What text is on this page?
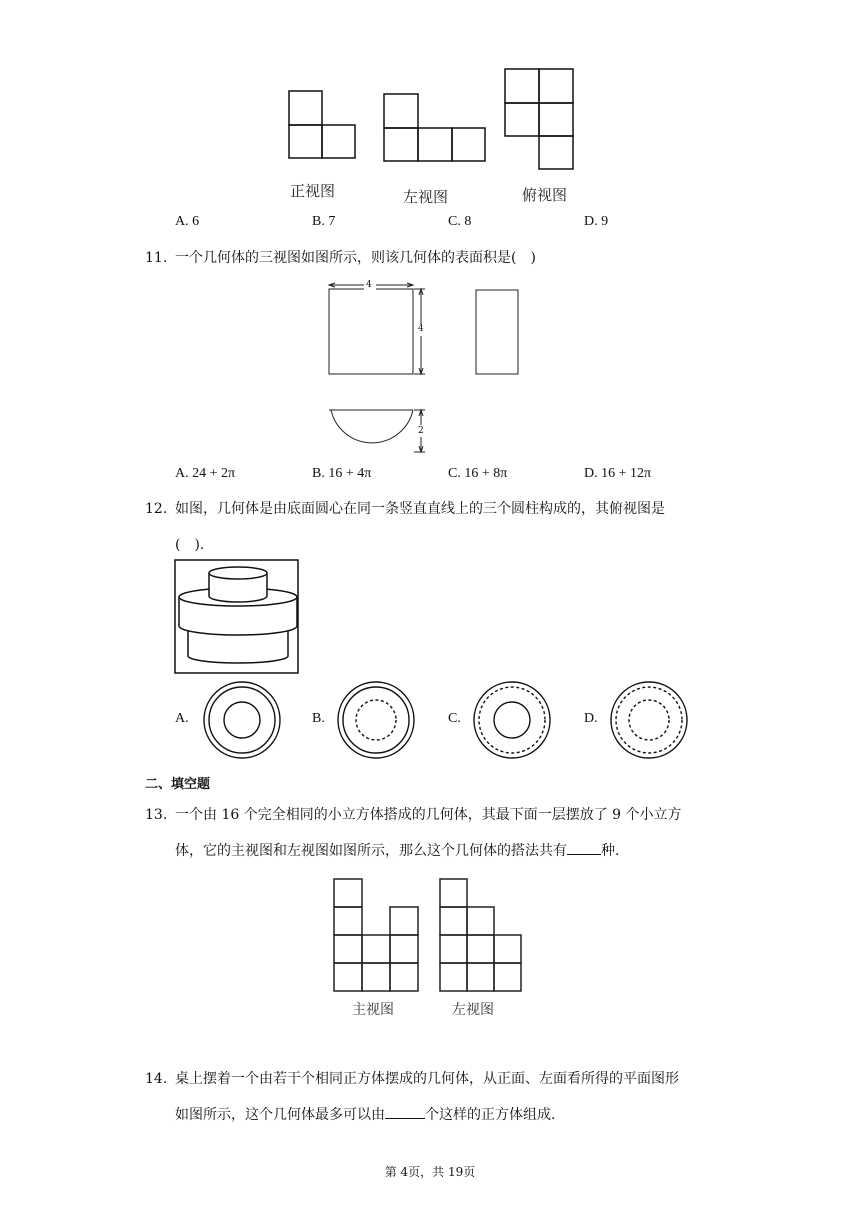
正视图	左视图	俯视图
A. 6	B. 7	C. 8	D. 9
11. 一个几何体的三视图如图所示，则该几何体的表面积是(　)
4
4
2
A. 24 + 2π	B. 16 + 4π	C. 16 + 8π	D. 16 + 12π
12. 如图，几何体是由底面圆心在同一条竖直直线上的三个圆柱构成的，其俯视图是
(　).
A.	B.	C.	D.
二、填空题
13. 一个由 16 个完全相同的小立方体搭成的几何体，其最下面一层摆放了 9 个小立方
体，它的主视图和左视图如图所示，那么这个几何体的搭法共有 种.
主视图	左视图
14. 桌上摆着一个由若干个相同正方体摆成的几何体，从正面、左面看所得的平面图形
如图所示，这个几何体最多可以由	个这样的正方体组成.
第 4页，共 19页
